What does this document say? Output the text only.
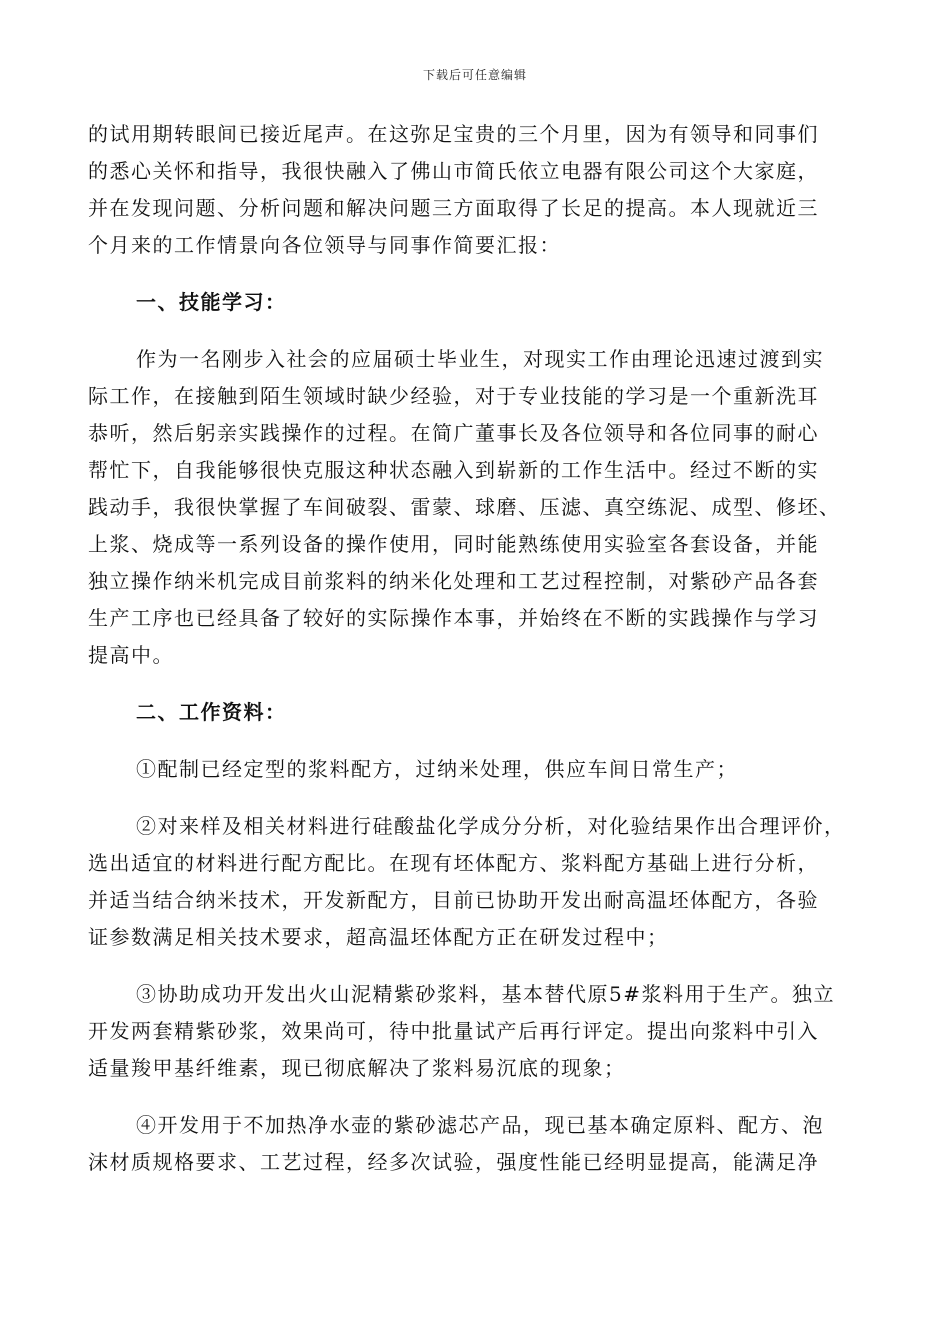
下载后可任意编辑

的试用期转眼间已接近尾声。在这弥足宝贵的三个月里，因为有领导和同事们
的悉心关怀和指导，我很快融入了佛山市简氏依立电器有限公司这个大家庭，
并在发现问题、分析问题和解决问题三方面取得了长足的提高。本人现就近三
个月来的工作情景向各位领导与同事作简要汇报：

一、技能学习：

作为一名刚步入社会的应届硕士毕业生，对现实工作由理论迅速过渡到实
际工作，在接触到陌生领域时缺少经验，对于专业技能的学习是一个重新洗耳
恭听，然后躬亲实践操作的过程。在简广董事长及各位领导和各位同事的耐心
帮忙下，自我能够很快克服这种状态融入到崭新的工作生活中。经过不断的实
践动手，我很快掌握了车间破裂、雷蒙、球磨、压滤、真空练泥、成型、修坯、
上浆、烧成等一系列设备的操作使用，同时能熟练使用实验室各套设备，并能
独立操作纳米机完成目前浆料的纳米化处理和工艺过程控制，对紫砂产品各套
生产工序也已经具备了较好的实际操作本事，并始终在不断的实践操作与学习
提高中。

二、工作资料：

①配制已经定型的浆料配方，过纳米处理，供应车间日常生产；

②对来样及相关材料进行硅酸盐化学成分分析，对化验结果作出合理评价，
选出适宜的材料进行配方配比。在现有坯体配方、浆料配方基础上进行分析，
并适当结合纳米技术，开发新配方，目前已协助开发出耐高温坯体配方，各验
证参数满足相关技术要求，超高温坯体配方正在研发过程中；

③协助成功开发出火山泥精紫砂浆料，基本替代原5#浆料用于生产。独立
开发两套精紫砂浆，效果尚可，待中批量试产后再行评定。提出向浆料中引入
适量羧甲基纤维素，现已彻底解决了浆料易沉底的现象；

④开发用于不加热净水壶的紫砂滤芯产品，现已基本确定原料、配方、泡
沫材质规格要求、工艺过程，经多次试验，强度性能已经明显提高，能满足净
